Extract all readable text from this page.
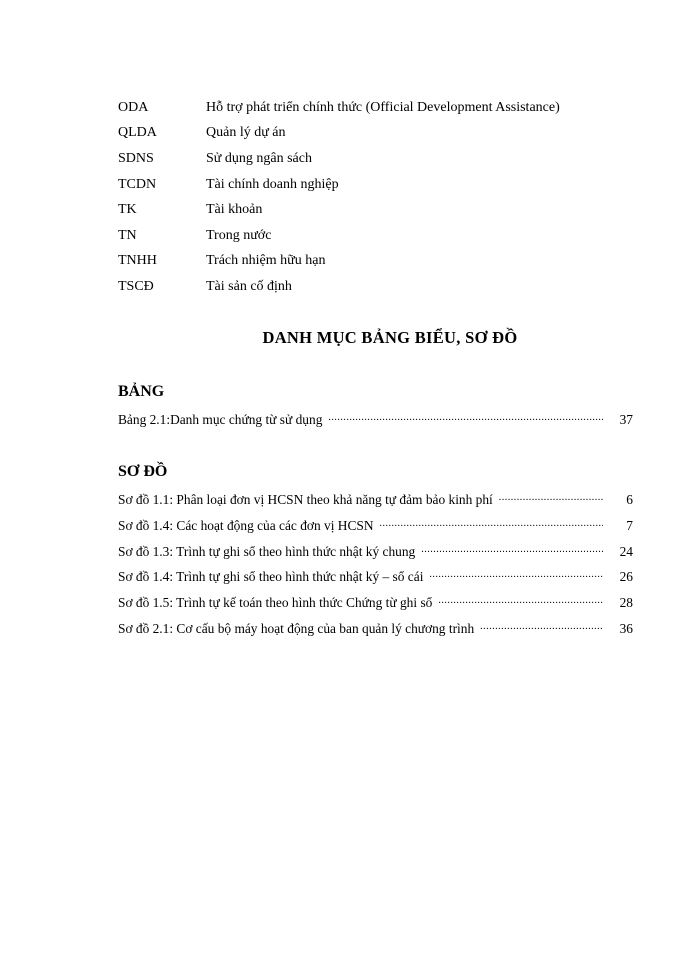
ODA	Hỗ trợ phát triển chính thức (Official Development Assistance)
QLDA	Quản lý dự án
SDNS	Sử dụng ngân sách
TCDN	Tài chính doanh nghiệp
TK	Tài khoản
TN	Trong nước
TNHH	Trách nhiệm hữu hạn
TSCĐ	Tài sản cố định
DANH MỤC BẢNG BIỂU, SƠ ĐỒ
BẢNG
Bảng 2.1:Danh mục chứng từ sử dụng .....	37
SƠ ĐỒ
Sơ đồ 1.1: Phân loại đơn vị HCSN theo khả năng tự đảm bảo kinh phí .....	6
Sơ đồ 1.4: Các hoạt động của các đơn vị HCSN .....	7
Sơ đồ 1.3: Trình tự ghi sổ theo hình thức nhật ký chung .....	24
Sơ đồ 1.4: Trình tự ghi sổ theo hình thức nhật ký – sổ cái .....	26
Sơ đồ 1.5: Trình tự kế toán theo hình thức Chứng từ ghi sổ .....	28
Sơ đồ 2.1: Cơ cấu bộ máy hoạt động của ban quản lý chương trình .....	36
